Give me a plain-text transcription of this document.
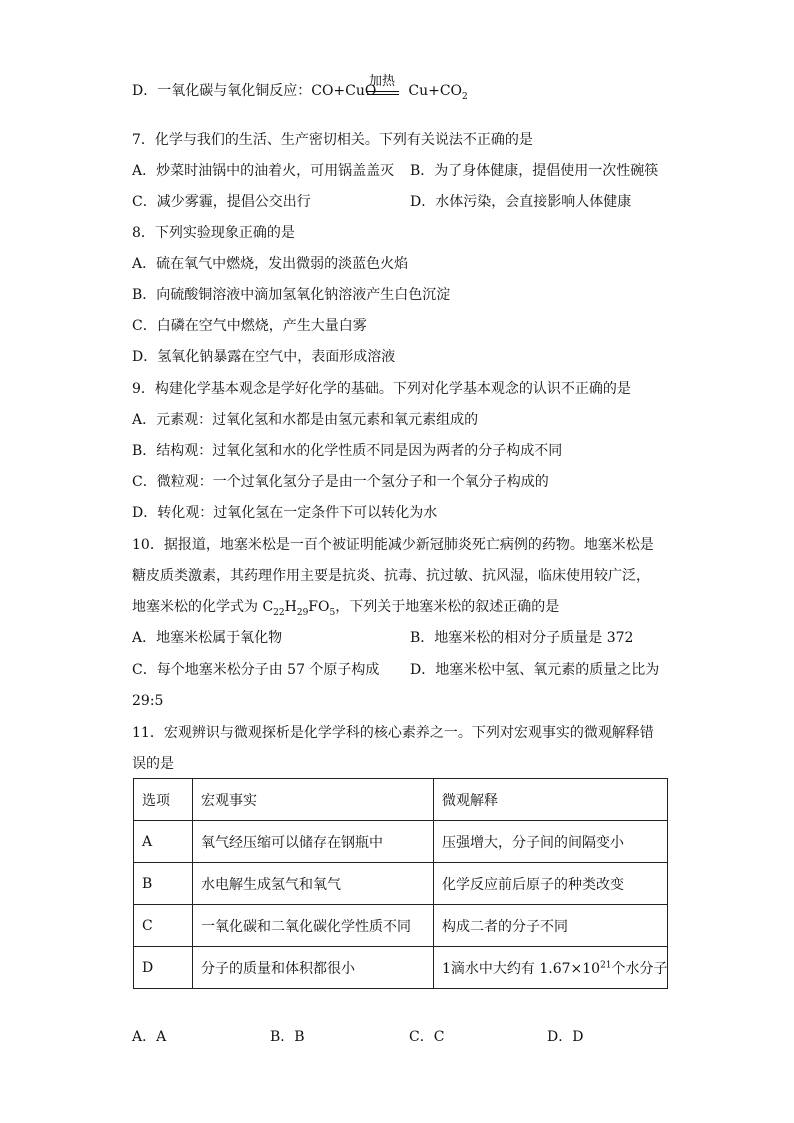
D．一氧化碳与氧化铜反应：CO+CuO $Cu+CO_2$
加热
7．化学与我们的生活、生产密切相关。下列有关说法不正确的是
A．炒菜时油锅中的油着火，可用锅盖盖灭 B．为了身体健康，提倡使用一次性碗筷
C．减少雾霾，提倡公交出行	D．水体污染，会直接影响人体健康
8．下列实验现象正确的是
A．硫在氧气中燃烧，发出微弱的淡蓝色火焰
B．向硫酸铜溶液中滴加氢氧化钠溶液产生白色沉淀
C．白磷在空气中燃烧，产生大量白雾
D．氢氧化钠暴露在空气中，表面形成溶液
9．构建化学基本观念是学好化学的基础。下列对化学基本观念的认识不正确的是
A．元素观：过氧化氢和水都是由氢元素和氧元素组成的
B．结构观：过氧化氢和水的化学性质不同是因为两者的分子构成不同
C．微粒观：一个过氧化氢分子是由一个氢分子和一个氧分子构成的
D．转化观：过氧化氢在一定条件下可以转化为水
10．据报道，地塞米松是一百个被证明能减少新冠肺炎死亡病例的药物。地塞米松是
糖皮质类激素，其药理作用主要是抗炎、抗毒、抗过敏、抗风湿，临床使用较广泛，
地塞米松的化学式为 $C_{22}H_{29}FO_5$，下列关于地塞米松的叙述正确的是
A．地塞米松属于氧化物	B．地塞米松的相对分子质量是 372
C．每个地塞米松分子由 57 个原子构成 D．地塞米松中氢、氧元素的质量之比为
29:5
11．宏观辨识与微观探析是化学学科的核心素养之一。下列对宏观事实的微观解释错
误的是
选项	宏观事实	微观解释
A	氧气经压缩可以储存在钢瓶中	压强增大，分子间的间隔变小
B	水电解生成氢气和氧气	化学反应前后原子的种类改变
C	一氧化碳和二氧化碳化学性质不同	构成二者的分子不同
D	分子的质量和体积都很小	1滴水中大约有 $1.67\times 10^{21}$个水分子
A．A	B．B	C．C	D．D
